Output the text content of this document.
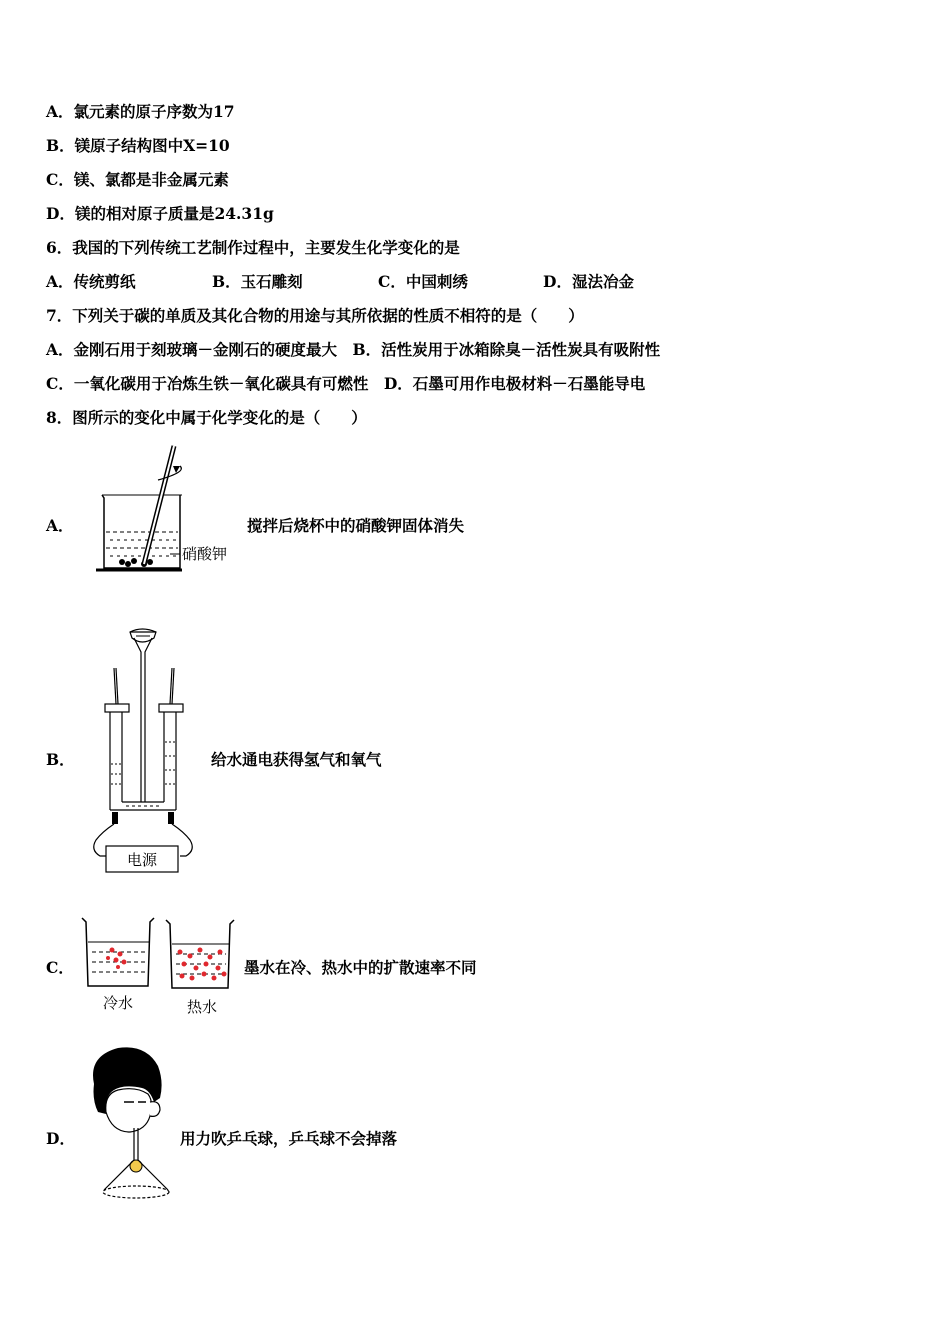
A．氯元素的原子序数为17
B．镁原子结构图中X=10
C．镁、氯都是非金属元素
D．镁的相对原子质量是24.31g
6．我国的下列传统工艺制作过程中，主要发生化学变化的是
A．传统剪纸	B．玉石雕刻	C．中国刺绣	D．湿法冶金
7．下列关于碳的单质及其化合物的用途与其所依据的性质不相符的是（　　）
A．金刚石用于刻玻璃－金刚石的硬度最大　B．活性炭用于冰箱除臭－活性炭具有吸附性
C．一氧化碳用于冶炼生铁－氧化碳具有可燃性　D．石墨可用作电极材料－石墨能导电
8．图所示的变化中属于化学变化的是（　　）
A．
硝酸钾
搅拌后烧杯中的硝酸钾固体消失
B．
电源
给水通电获得氢气和氧气
C．
冷水	热水
墨水在冷、热水中的扩散速率不同
D．	用力吹乒乓球，乒乓球不会掉落
